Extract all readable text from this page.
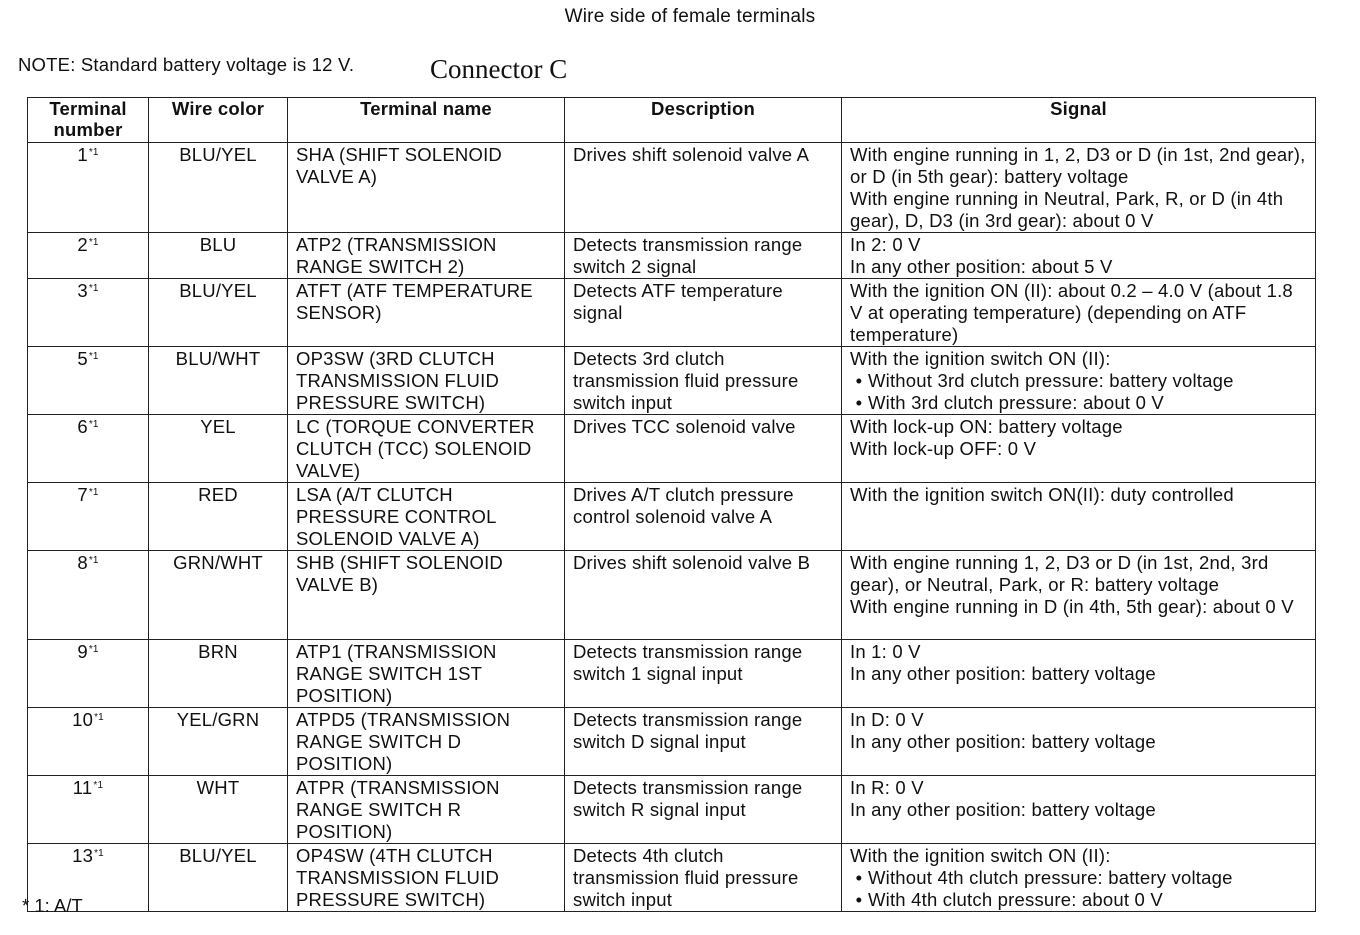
Wire side of female terminals
NOTE: Standard battery voltage is 12 V.	Connector C
Terminal number	Wire color	Terminal name	Description	Signal
1$^{*1}$	BLU/YEL	SHA (SHIFT SOLENOID VALVE A)	Drives shift solenoid valve A	With engine running in 1, 2, D3 or D (in 1st, 2nd gear), or D (in 5th gear): battery voltage
With engine running in Neutral, Park, R, or D (in 4th gear), D, D3 (in 3rd gear): about 0 V

2$^{*1}$	BLU	ATP2 (TRANSMISSION RANGE SWITCH 2)	Detects transmission range switch 2 signal	In 2: 0 V
In any other position: about 5 V

3$^{*1}$	BLU/YEL	ATFT (ATF TEMPERATURE SENSOR)	Detects ATF temperature signal	With the ignition ON (II): about 0.2 – 4.0 V (about 1.8 V at operating temperature) (depending on ATF temperature)

5$^{*1}$	BLU/WHT	OP3SW (3RD CLUTCH TRANSMISSION FLUID PRESSURE SWITCH)	Detects 3rd clutch transmission fluid pressure switch input	With the ignition switch ON (II):
• Without 3rd clutch pressure: battery voltage
• With 3rd clutch pressure: about 0 V

6$^{*1}$	YEL	LC (TORQUE CONVERTER CLUTCH (TCC) SOLENOID VALVE)	Drives TCC solenoid valve	With lock-up ON: battery voltage
With lock-up OFF: 0 V

7$^{*1}$	RED	LSA (A/T CLUTCH PRESSURE CONTROL SOLENOID VALVE A)	Drives A/T clutch pressure control solenoid valve A	With the ignition switch ON(II): duty controlled

8$^{*1}$	GRN/WHT	SHB (SHIFT SOLENOID VALVE B)	Drives shift solenoid valve B	With engine running 1, 2, D3 or D (in 1st, 2nd, 3rd gear), or Neutral, Park, or R: battery voltage
With engine running in D (in 4th, 5th gear): about 0 V

9$^{*1}$	BRN	ATP1 (TRANSMISSION RANGE SWITCH 1ST POSITION)	Detects transmission range switch 1 signal input	In 1: 0 V
In any other position: battery voltage

10$^{*1}$	YEL/GRN	ATPD5 (TRANSMISSION RANGE SWITCH D POSITION)	Detects transmission range switch D signal input	In D: 0 V
In any other position: battery voltage

11$^{*1}$	WHT	ATPR (TRANSMISSION RANGE SWITCH R POSITION)	Detects transmission range switch R signal input	In R: 0 V
In any other position: battery voltage

13$^{*1}$	BLU/YEL	OP4SW (4TH CLUTCH TRANSMISSION FLUID PRESSURE SWITCH)	Detects 4th clutch transmission fluid pressure switch input	With the ignition switch ON (II):
• Without 4th clutch pressure: battery voltage
• With 4th clutch pressure: about 0 V
* 1: A/T
